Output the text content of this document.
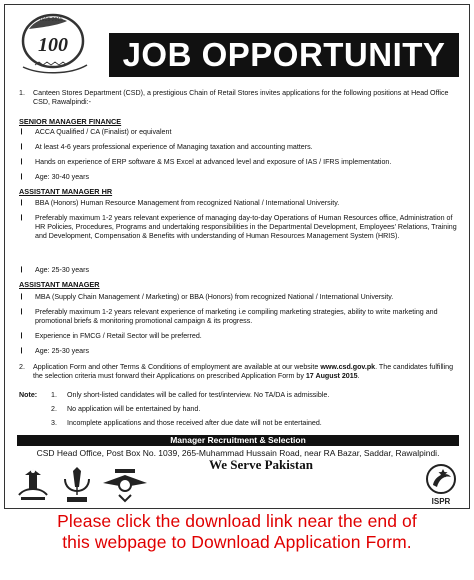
1915-2015
100	JOB OPPORTUNITY
1. Canteen Stores Department (CSD), a prestigious Chain of Retail Stores invites applications for the following positions at Head Office CSD, Rawalpindi:-
SENIOR MANAGER FINANCE
❙ ACCA Qualified / CA (Finalist) or equivalent
❙ At least 4-6 years professional experience of Managing taxation and accounting matters.
❙ Hands on experience of ERP software & MS Excel at advanced level and exposure of IAS / IFRS implementation.
❙ Age: 30-40 years
ASSISTANT MANAGER HR
❙ BBA (Honors) Human Resource Management from recognized National / International University.
❙ Preferably maximum 1-2 years relevant experience of managing day-to-day Operations of Human Resources office, Administration of HR Policies, Procedures, Programs and undertaking responsibilities in the Departmental Development, Employees' Relations, Training and Development, Compensation & Benefits with understanding of Human Resources Management System (HRIS).
❙ Age: 25-30 years
ASSISTANT MANAGER
❙ MBA (Supply Chain Management / Marketing) or BBA (Honors) from recognized National / International University.
❙ Preferably maximum 1-2 years relevant experience of marketing i.e compiling marketing strategies, ability to write marketing and promotional briefs & monitoring promotional campaign & its progress.
❙ Experience in FMCG / Retail Sector will be preferred.
❙ Age: 25-30 years
2. Application Form and other Terms & Conditions of employment are available at our website www.csd.gov.pk. The candidates fulfilling the selection criteria must forward their Applications on prescribed Application Form by 17 August 2015.
Note: 1. Only short-listed candidates will be called for test/interview. No TA/DA is admissible.
2. No application will be entertained by hand.
3. Incomplete applications and those received after due date will not be entertained.
Manager Recruitment & Selection
CSD Head Office, Post Box No. 1039, 265-Muhammad Hussain Road, near RA Bazar, Saddar, Rawalpindi.
We Serve Pakistan
ISPR
Please click the download link near the end of
this webpage to Download Application Form.
